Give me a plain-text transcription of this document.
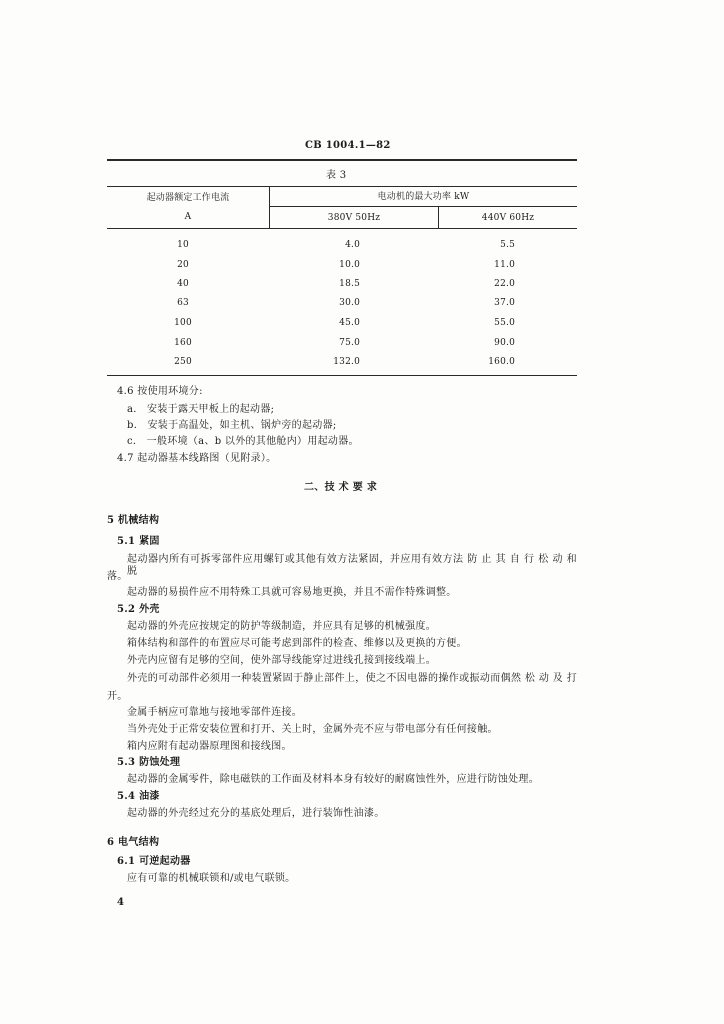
CB 1004.1—82
表 3
起动器额定工作电流
A
电动机的最大功率 kW
380V 50Hz	440V 60Hz
10	4.0	5.5
20	10.0	11.0
40	18.5	22.0
63	30.0	37.0
100	45.0	55.0
160	75.0	90.0
250	132.0	160.0
4.6 按使用环境分:
a． 安装于露天甲板上的起动器;
b． 安装于高温处，如主机、锅炉旁的起动器;
c． 一般环境（a、b 以外的其他舱内）用起动器。
4.7 起动器基本线路图（见附录）。
二、技 术 要 求
5 机械结构
5.1 紧固
起动器内所有可拆零部件应用螺钉或其他有效方法紧固，并应用有效方法 防 止 其 自 行 松 动 和 脱
落。
起动器的易损件应不用特殊工具就可容易地更换，并且不需作特殊调整。
5.2 外壳
起动器的外壳应按规定的防护等级制造，并应具有足够的机械强度。
箱体结构和部件的布置应尽可能考虑到部件的检查、维修以及更换的方便。
外壳内应留有足够的空间，使外部导线能穿过进线孔接到接线端上。
外壳的可动部件必须用一种装置紧固于静止部件上，使之不因电器的操作或振动而偶然 松 动 及 打
开。
金属手柄应可靠地与接地零部件连接。
当外壳处于正常安装位置和打开、关上时，金属外壳不应与带电部分有任何接触。
箱内应附有起动器原理图和接线图。
5.3 防蚀处理
起动器的金属零件，除电磁铁的工作面及材料本身有较好的耐腐蚀性外，应进行防蚀处理。
5.4 油漆
起动器的外壳经过充分的基底处理后，进行装饰性油漆。
6 电气结构
6.1 可逆起动器
应有可靠的机械联锁和/或电气联锁。
4
